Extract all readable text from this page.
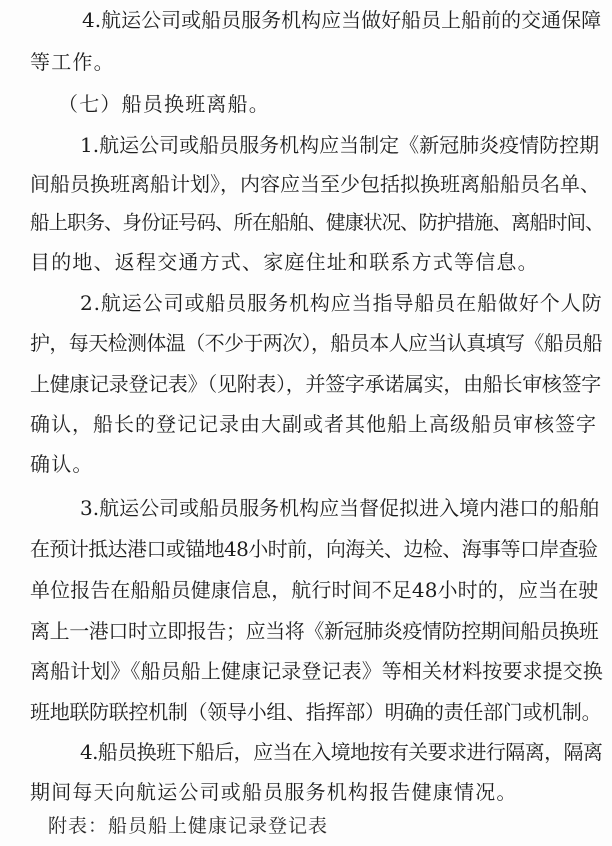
4.航运公司或船员服务机构应当做好船员上船前的交通保障
等工作。
（七）船员换班离船。
1.航运公司或船员服务机构应当制定《新冠肺炎疫情防控期
间船员换班离船计划》，内容应当至少包括拟换班离船船员名单、
船上职务、身份证号码、所在船舶、健康状况、防护措施、离船时间、
目的地、返程交通方式、家庭住址和联系方式等信息。
2.航运公司或船员服务机构应当指导船员在船做好个人防
护，每天检测体温（不少于两次），船员本人应当认真填写《船员船
上健康记录登记表》（见附表），并签字承诺属实，由船长审核签字
确认，船长的登记记录由大副或者其他船上高级船员审核签字
确认。
3.航运公司或船员服务机构应当督促拟进入境内港口的船舶
在预计抵达港口或锚地48小时前，向海关、边检、海事等口岸查验
单位报告在船船员健康信息，航行时间不足48小时的，应当在驶
离上一港口时立即报告；应当将《新冠肺炎疫情防控期间船员换班
离船计划》《船员船上健康记录登记表》等相关材料按要求提交换
班地联防联控机制（领导小组、指挥部）明确的责任部门或机制。
4.船员换班下船后，应当在入境地按有关要求进行隔离，隔离
期间每天向航运公司或船员服务机构报告健康情况。
附表：船员船上健康记录登记表
